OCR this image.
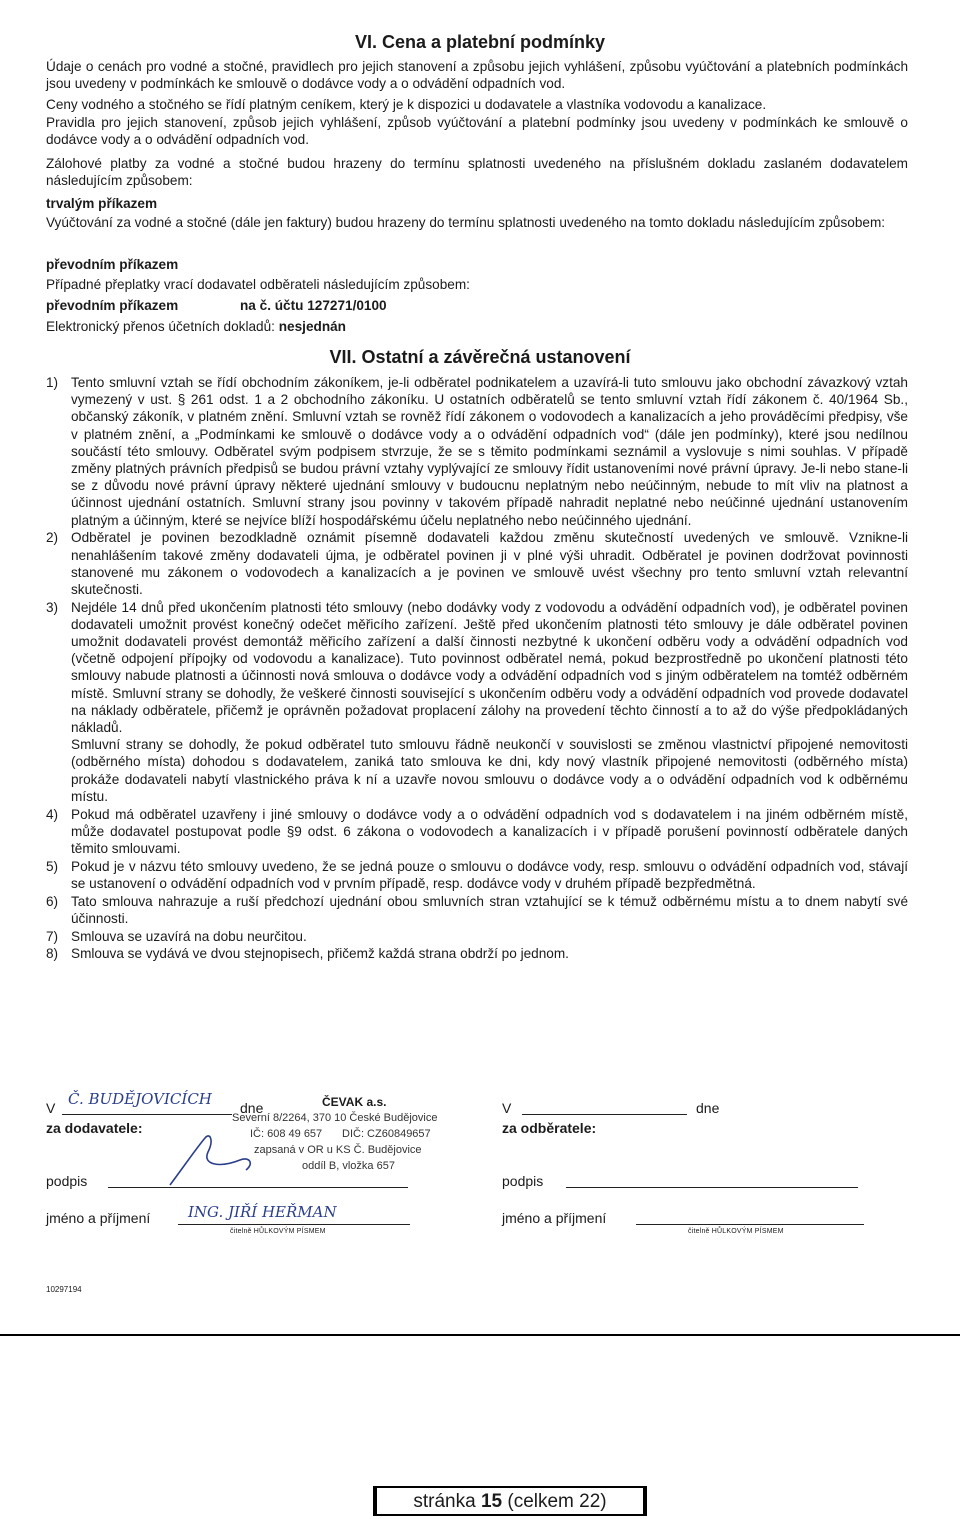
VI. Cena a platební podmínky

Údaje o cenách pro vodné a stočné, pravidlech pro jejich stanovení a způsobu jejich vyhlášení, způsobu vyúčtování a platebních podmínkách jsou uvedeny v podmínkách ke smlouvě o dodávce vody a o odvádění odpadních vod.

Ceny vodného a stočného se řídí platným ceníkem, který je k dispozici u dodavatele a vlastníka vodovodu a kanalizace.

Pravidla pro jejich stanovení, způsob jejich vyhlášení, způsob vyúčtování a platební podmínky jsou uvedeny v podmínkách ke smlouvě o dodávce vody a o odvádění odpadních vod.

Zálohové platby za vodné a stočné budou hrazeny do termínu splatnosti uvedeného na příslušném dokladu zaslaném dodavatelem následujícím způsobem:

trvalým příkazem

Vyúčtování za vodné a stočné (dále jen faktury) budou hrazeny do termínu splatnosti uvedeného na tomto dokladu následujícím způsobem:

převodním příkazem
Případné přeplatky vrací dodavatel odběrateli následujícím způsobem:
převodním příkazem	na č. účtu 127271/0100
Elektronický přenos účetních dokladů: nesjednán
VII. Ostatní a závěrečná ustanovení
1) Tento smluvní vztah se řídí obchodním zákoníkem, je-li odběratel podnikatelem a uzavírá-li tuto smlouvu jako obchodní závazkový vztah vymezený v ust. § 261 odst. 1 a 2 obchodního zákoníku. U ostatních odběratelů se tento smluvní vztah řídí zákonem č. 40/1964 Sb., občanský zákoník, v platném znění. Smluvní vztah se rovněž řídí zákonem o vodovodech a kanalizacích a jeho prováděcími předpisy, vše v platném znění, a „Podmínkami ke smlouvě o dodávce vody a o odvádění odpadních vod“ (dále jen podmínky), které jsou nedílnou součástí této smlouvy. Odběratel svým podpisem stvrzuje, že se s těmito podmínkami seznámil a vyslovuje s nimi souhlas. V případě změny platných právních předpisů se budou právní vztahy vyplývající ze smlouvy řídit ustanoveními nové právní úpravy. Je-li nebo stane-li se z důvodu nové právní úpravy některé ujednání smlouvy v budoucnu neplatným nebo neúčinným, nebude to mít vliv na platnost a účinnost ujednání ostatních. Smluvní strany jsou povinny v takovém případě nahradit neplatné nebo neúčinné ujednání ustanovením platným a účinným, které se nejvíce blíží hospodářskému účelu neplatného nebo neúčinného ujednání.

2) Odběratel je povinen bezodkladně oznámit písemně dodavateli každou změnu skutečností uvedených ve smlouvě. Vznikne-li nenahlášením takové změny dodavateli újma, je odběratel povinen ji v plné výši uhradit. Odběratel je povinen dodržovat povinnosti stanovené mu zákonem o vodovodech a kanalizacích a je povinen ve smlouvě uvést všechny pro tento smluvní vztah relevantní skutečnosti.

3) Nejdéle 14 dnů před ukončením platnosti této smlouvy (nebo dodávky vody z vodovodu a odvádění odpadních vod), je odběratel povinen dodavateli umožnit provést konečný odečet měřicího zařízení. Ještě před ukončením platnosti této smlouvy je dále odběratel povinen umožnit dodavateli provést demontáž měřicího zařízení a další činnosti nezbytné k ukončení odběru vody a odvádění odpadních vod (včetně odpojení přípojky od vodovodu a kanalizace). Tuto povinnost odběratel nemá, pokud bezprostředně po ukončení platnosti této smlouvy nabude platnosti a účinnosti nová smlouva o dodávce vody a odvádění odpadních vod s jiným odběratelem na tomtéž odběrném místě. Smluvní strany se dohodly, že veškeré činnosti související s ukončením odběru vody a odvádění odpadních vod provede dodavatel na náklady odběratele, přičemž je oprávněn požadovat proplacení zálohy na provedení těchto činností a to až do výše předpokládaných nákladů.

Smluvní strany se dohodly, že pokud odběratel tuto smlouvu řádně neukončí v souvislosti se změnou vlastnictví připojené nemovitosti (odběrného místa) dohodou s dodavatelem, zaniká tato smlouva ke dni, kdy nový vlastník připojené nemovitosti (odběrného místa) prokáže dodavateli nabytí vlastnického práva k ní a uzavře novou smlouvu o dodávce vody a o odvádění odpadních vod k odběrnému místu.

4) Pokud má odběratel uzavřeny i jiné smlouvy o dodávce vody a o odvádění odpadních vod s dodavatelem i na jiném odběrném místě, může dodavatel postupovat podle §9 odst. 6 zákona o vodovodech a kanalizacích i v případě porušení povinností odběratele daných těmito smlouvami.

5) Pokud je v názvu této smlouvy uvedeno, že se jedná pouze o smlouvu o dodávce vody, resp. smlouvu o odvádění odpadních vod, stávají se ustanovení o odvádění odpadních vod v prvním případě, resp. dodávce vody v druhém případě bezpředmětná.

6) Tato smlouva nahrazuje a ruší předchozí ujednání obou smluvních stran vztahující se k témuž odběrnému místu a to dnem nabytí své účinnosti.

7) Smlouva se uzavírá na dobu neurčitou.

8) Smlouva se vydává ve dvou stejnopisech, přičemž každá strana obdrží po jednom.

V	dne
Č. BUDĚJOVICÍCH
za dodavatele:
ČEVAK a.s.
Severní 8/2264, 370 10 České Budějovice
IČ: 608 49 657 DIČ: CZ60849657
zapsaná v OR u KS Č. Budějovice
oddíl B, vložka 657
podpis
jméno a příjmení	ING. JIŘÍ HEŘMAN
čitelně HŮLKOVÝM PÍSMEM
V	dne
za odběratele:
podpis
jméno a příjmení
čitelně HŮLKOVÝM PÍSMEM
10297194
stránka 15 (celkem 22)
